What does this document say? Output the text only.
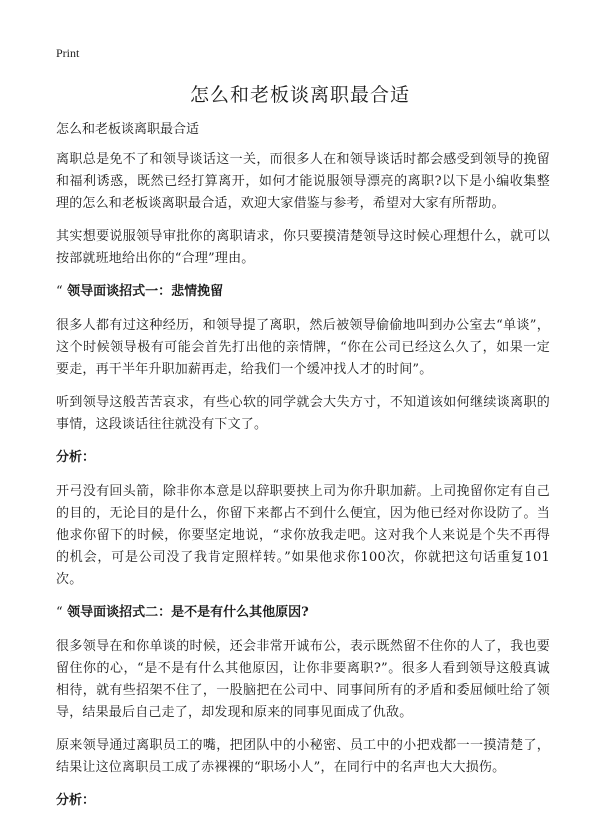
Print
怎么和老板谈离职最合适
怎么和老板谈离职最合适

离职总是免不了和领导谈话这一关，而很多人在和领导谈话时都会感受到领导的挽留和福利诱惑，既然已经打算离开，如何才能说服领导漂亮的离职?以下是小编收集整理的怎么和老板谈离职最合适，欢迎大家借鉴与参考，希望对大家有所帮助。

其实想要说服领导审批你的离职请求，你只要摸清楚领导这时候心理想什么，就可以按部就班地给出你的“合理”理由。

“ 领导面谈招式一：悲情挽留

很多人都有过这种经历，和领导提了离职，然后被领导偷偷地叫到办公室去“单谈”，这个时候领导极有可能会首先打出他的亲情牌，“你在公司已经这么久了，如果一定要走，再干半年升职加薪再走，给我们一个缓冲找人才的时间”。

听到领导这般苦苦哀求，有些心软的同学就会大失方寸，不知道该如何继续谈离职的事情，这段谈话往往就没有下文了。

分析：

开弓没有回头箭，除非你本意是以辞职要挟上司为你升职加薪。上司挽留你定有自己的目的，无论目的是什么，你留下来都占不到什么便宜，因为他已经对你设防了。当他求你留下的时候，你要坚定地说，“求你放我走吧。这对我个人来说是个失不再得的机会，可是公司没了我肯定照样转。”如果他求你100次，你就把这句话重复101次。

“ 领导面谈招式二：是不是有什么其他原因?

很多领导在和你单谈的时候，还会非常开诚布公，表示既然留不住你的人了，我也要留住你的心，“是不是有什么其他原因，让你非要离职?”。很多人看到领导这般真诚相待，就有些招架不住了，一股脑把在公司中、同事间所有的矛盾和委屈倾吐给了领导，结果最后自己走了，却发现和原来的同事见面成了仇敌。

原来领导通过离职员工的嘴，把团队中的小秘密、员工中的小把戏都一一摸清楚了，结果让这位离职员工成了赤裸裸的“职场小人”，在同行中的名声也大大损伤。

分析：
